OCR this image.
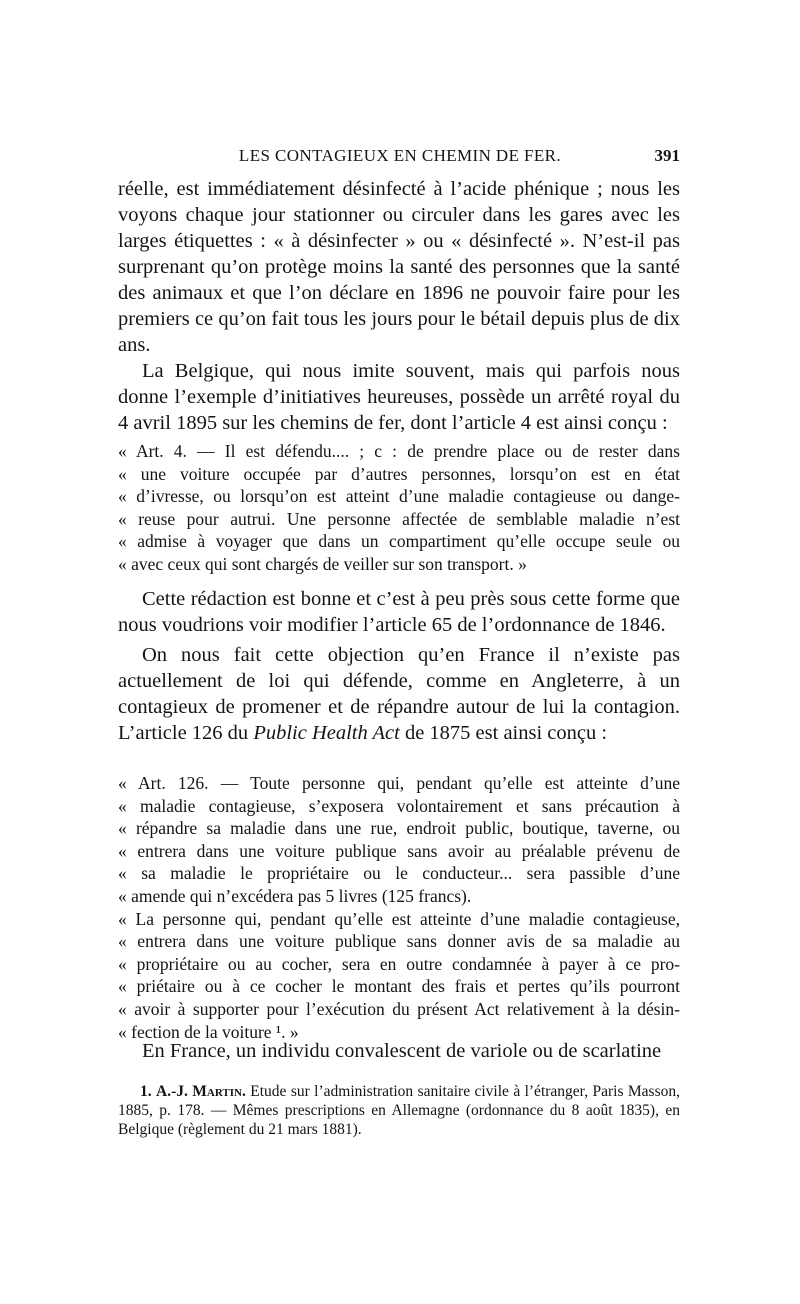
LES CONTAGIEUX EN CHEMIN DE FER.	391

réelle, est immédiatement désinfecté à l’acide phénique ; nous les voyons chaque jour stationner ou circuler dans les gares avec les larges étiquettes : « à désinfecter » ou « désinfecté ». N’est-il pas surprenant qu’on protège moins la santé des personnes que la santé des animaux et que l’on déclare en 1896 ne pouvoir faire pour les premiers ce qu’on fait tous les jours pour le bétail depuis plus de dix ans.

La Belgique, qui nous imite souvent, mais qui parfois nous donne l’exemple d’initiatives heureuses, possède un arrêté royal du 4 avril 1895 sur les chemins de fer, dont l’article 4 est ainsi conçu :

« Art. 4. — Il est défendu.... ; c : de prendre place ou de rester dans
« une voiture occupée par d’autres personnes, lorsqu’on est en état
« d’ivresse, ou lorsqu’on est atteint d’une maladie contagieuse ou dange-
« reuse pour autrui. Une personne affectée de semblable maladie n’est
« admise à voyager que dans un compartiment qu’elle occupe seule ou
« avec ceux qui sont chargés de veiller sur son transport. »

Cette rédaction est bonne et c’est à peu près sous cette forme que nous voudrions voir modifier l’article 65 de l’ordonnance de 1846.

On nous fait cette objection qu’en France il n’existe pas actuellement de loi qui défende, comme en Angleterre, à un contagieux de promener et de répandre autour de lui la contagion. L’article 126 du Public Health Act de 1875 est ainsi conçu :

« Art. 126. — Toute personne qui, pendant qu’elle est atteinte d’une
« maladie contagieuse, s’exposera volontairement et sans précaution à
« répandre sa maladie dans une rue, endroit public, boutique, taverne, ou
« entrera dans une voiture publique sans avoir au préalable prévenu de
« sa maladie le propriétaire ou le conducteur... sera passible d’une
« amende qui n’excédera pas 5 livres (125 francs).
« La personne qui, pendant qu’elle est atteinte d’une maladie contagieuse,
« entrera dans une voiture publique sans donner avis de sa maladie au
« propriétaire ou au cocher, sera en outre condamnée à payer à ce pro-
« priétaire ou à ce cocher le montant des frais et pertes qu’ils pourront
« avoir à supporter pour l’exécution du présent Act relativement à la désin-
« fection de la voiture ¹. »

En France, un individu convalescent de variole ou de scarlatine

1. A.-J. Martin. Etude sur l’administration sanitaire civile à l’étranger, Paris Masson, 1885, p. 178. — Mêmes prescriptions en Allemagne (ordonnance du 8 août 1835), en Belgique (règlement du 21 mars 1881).
